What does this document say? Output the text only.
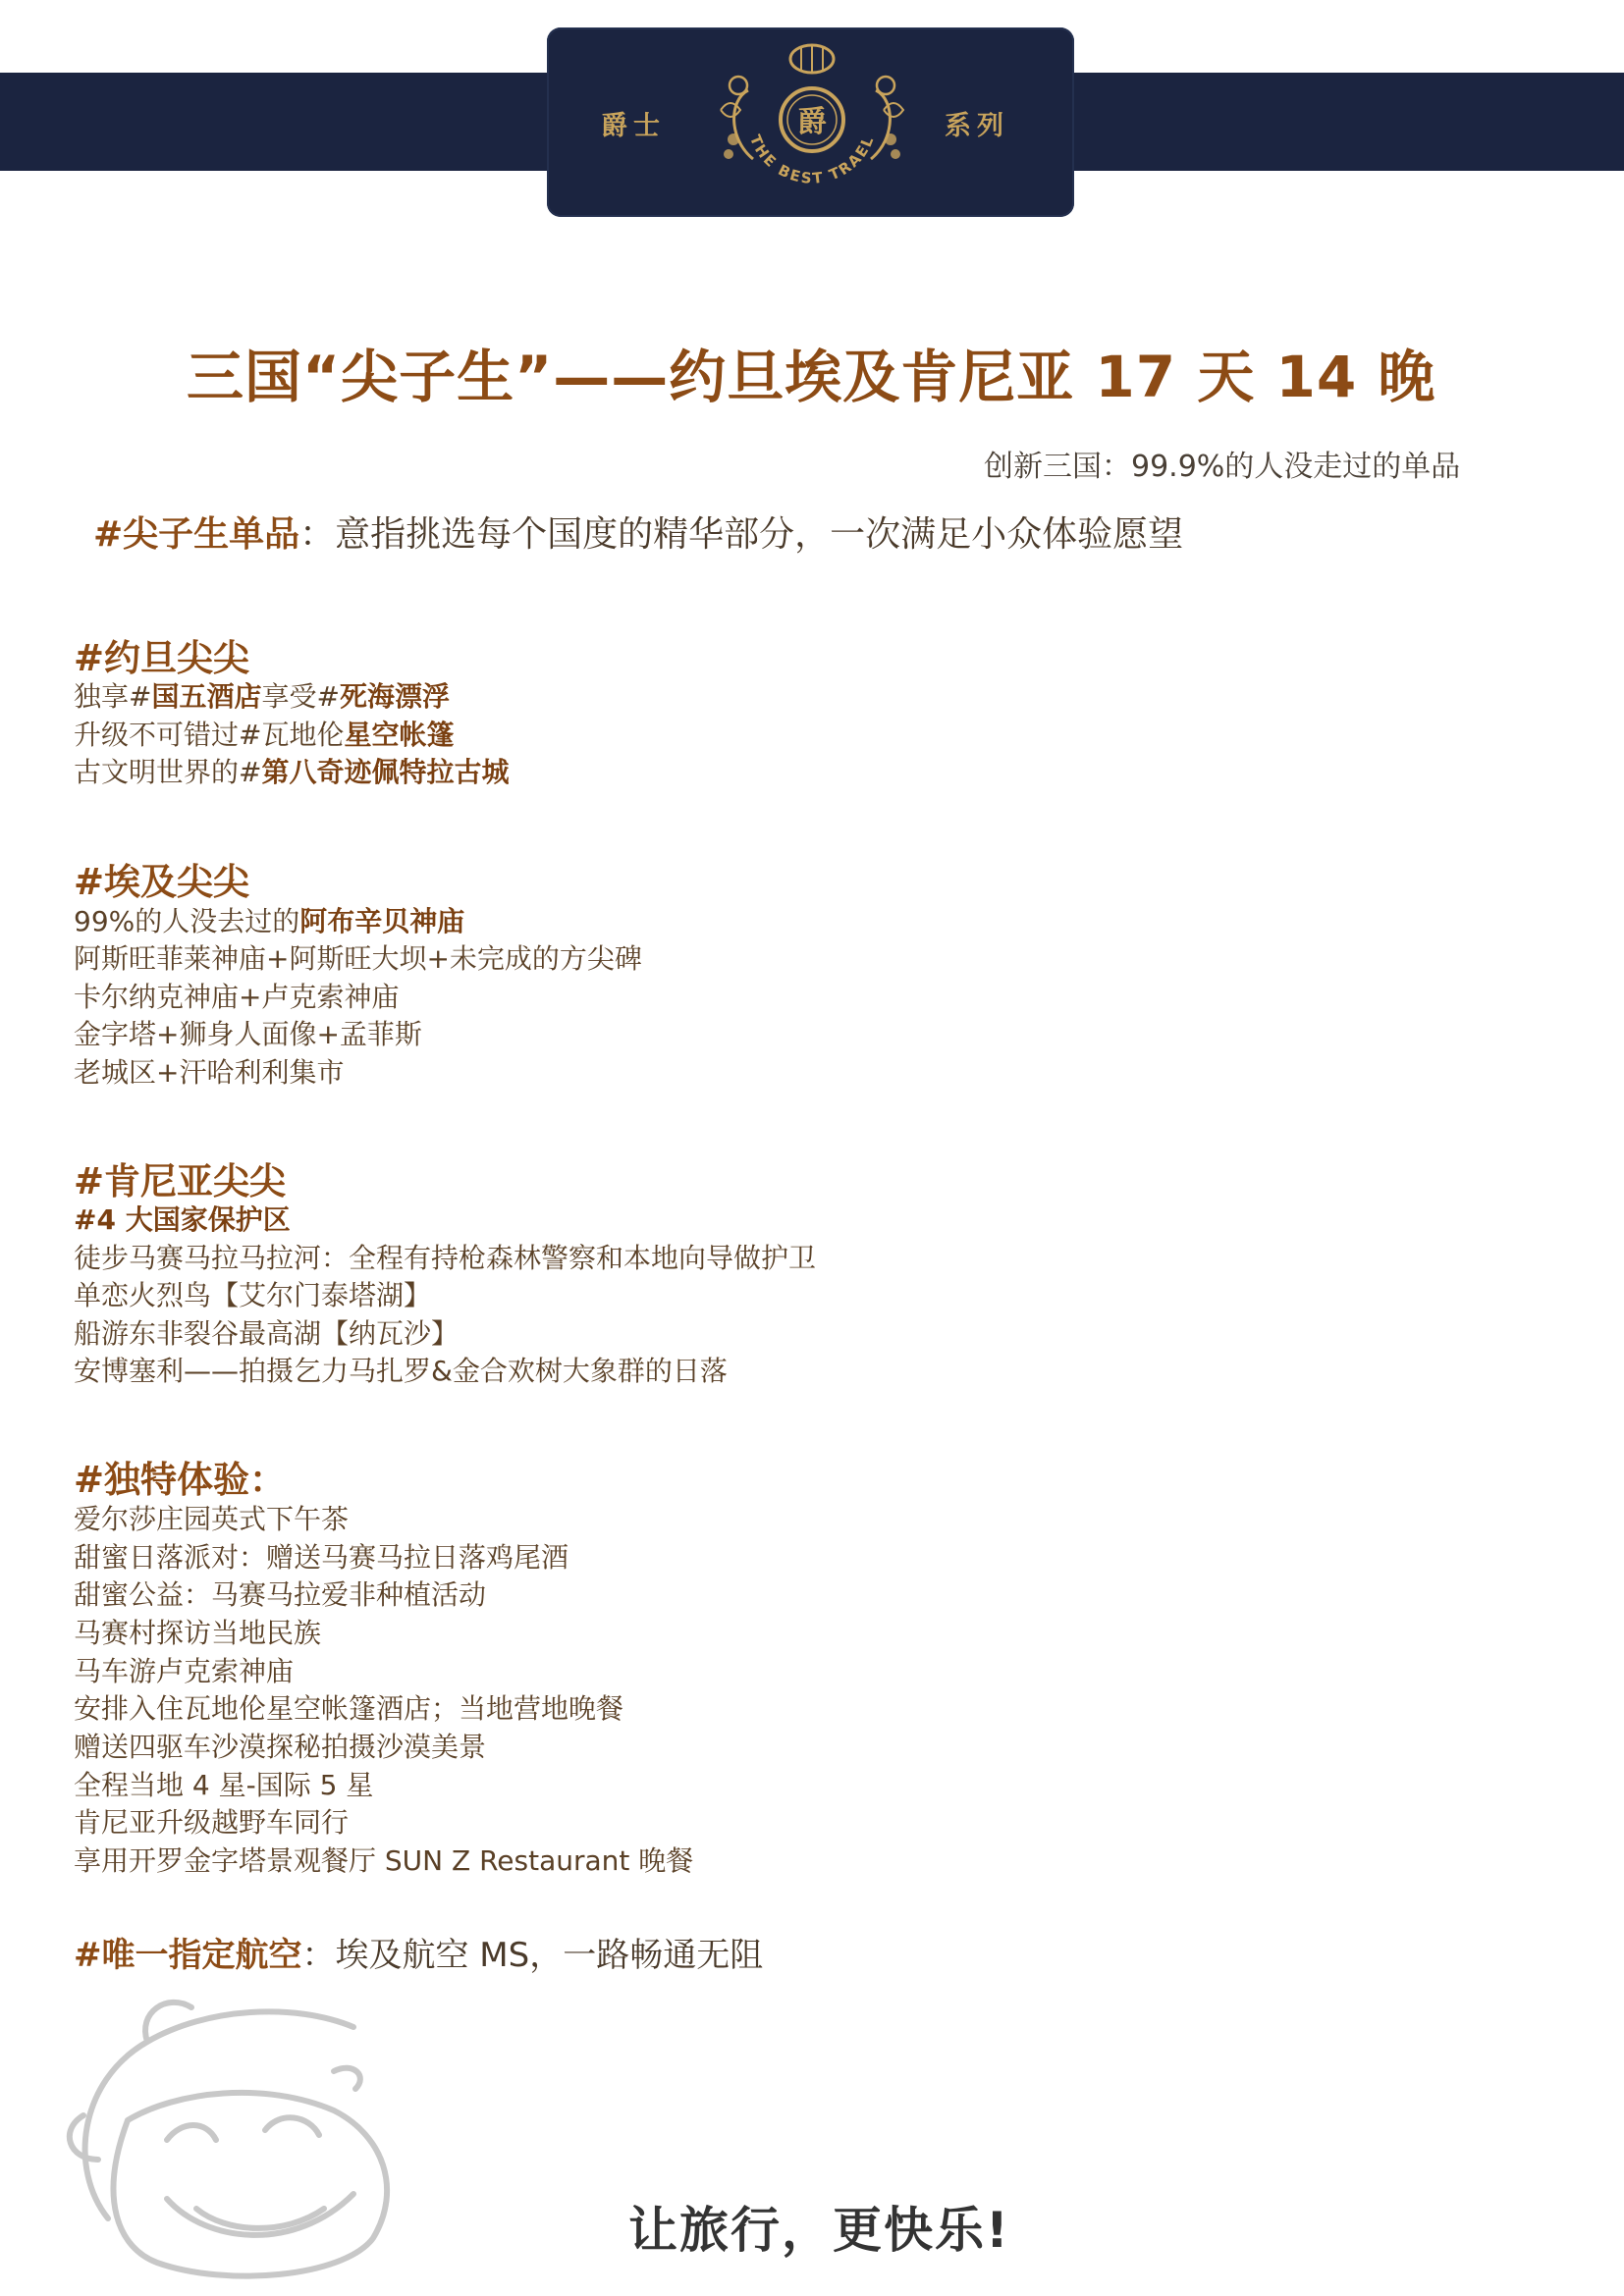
爵士	系列
爵
THE BEST TRAEL
三国“尖子生”——约旦埃及肯尼亚 17 天 14 晚
创新三国：99.9%的人没走过的单品
#尖子生单品：意指挑选每个国度的精华部分，一次满足小众体验愿望
#约旦尖尖
独享#国五酒店享受#死海漂浮
升级不可错过#瓦地伦星空帐篷
古文明世界的#第八奇迹佩特拉古城
#埃及尖尖
99%的人没去过的阿布辛贝神庙
阿斯旺菲莱神庙+阿斯旺大坝+未完成的方尖碑
卡尔纳克神庙+卢克索神庙
金字塔+狮身人面像+孟菲斯
老城区+汗哈利利集市
#肯尼亚尖尖
#4 大国家保护区
徒步马赛马拉马拉河：全程有持枪森林警察和本地向导做护卫
单恋火烈鸟【艾尔门泰塔湖】
船游东非裂谷最高湖【纳瓦沙】
安博塞利——拍摄乞力马扎罗&金合欢树大象群的日落
#独特体验：
爱尔莎庄园英式下午茶
甜蜜日落派对：赠送马赛马拉日落鸡尾酒
甜蜜公益：马赛马拉爱非种植活动
马赛村探访当地民族
马车游卢克索神庙
安排入住瓦地伦星空帐篷酒店；当地营地晚餐
赠送四驱车沙漠探秘拍摄沙漠美景
全程当地 4 星-国际 5 星
肯尼亚升级越野车同行
享用开罗金字塔景观餐厅 SUN Z Restaurant 晚餐
#唯一指定航空：埃及航空 MS，一路畅通无阻
让旅行，更快乐!
